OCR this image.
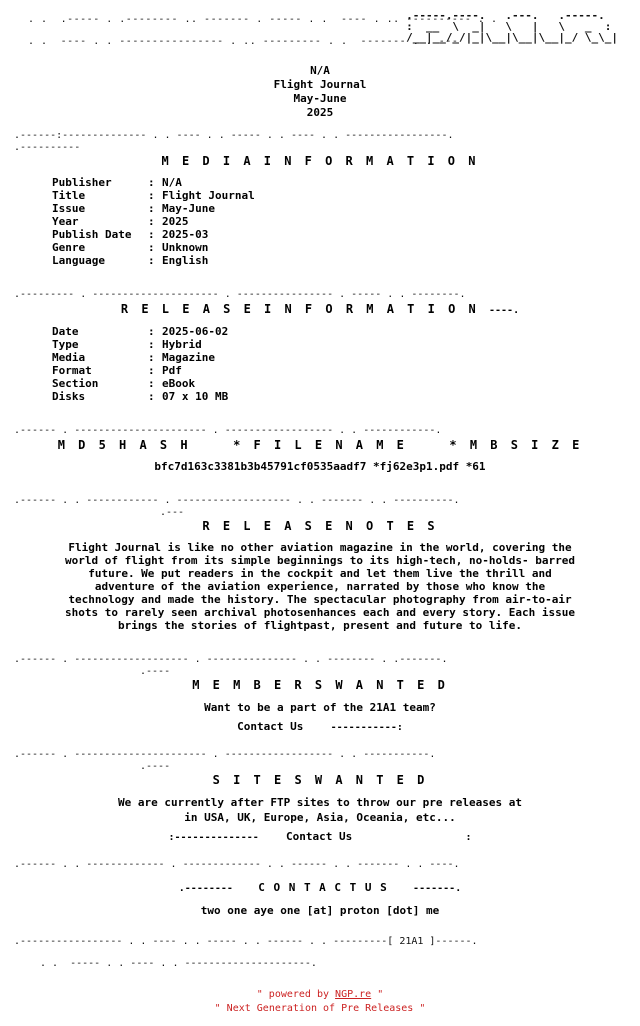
. .  .----- . .-------- .. ------- . ----- . .  ---- . .. ---------- . .
. .  ---- . . ---------------- . .. --------- . .  ------- . . ---
.-----.----.   .---.   .-----.
:  __  \  _|   \   |   \   _  :
/__|__/_/|_|\__|\__|\__|_/ \_\_|
N/A
Flight Journal
May-June
2025
.------:-------------- . . ---- . . ----- . . ---- . . -----------------.
.----------
M E D I A I N F O R M A T I O N
Publisher	: N/A
Title	: Flight Journal
Issue	: May-June
Year	: 2025
Publish Date : 2025-03
Genre	: Unknown
Language	: English
.--------- . --------------------- . ---------------- . ----- . . --------.
R E L E A S E I N F O R M A T I O N ----.
Date	: 2025-06-02
Type	: Hybrid
Media	: Magazine
Format	: Pdf
Section	: eBook
Disks	: 07 x 10 MB
.------ . ---------------------- . ------------------ . . ------------.
M D 5 H A S H	* F I L E N A M E	* M B S I Z E
bfc7d163c3381b3b45791cf0535aadf7 *fj62e3p1.pdf *61
.------ . . ------------ . ------------------- . . ------- . . ----------.
.---
R E L E A S E N O T E S
Flight Journal is like no other aviation magazine in the world, covering the
world of flight from its simple beginnings to its high-tech, no-holds- barred
future. We put readers in the cockpit and let them live the thrill and
adventure of the aviation experience, narrated by those who know the
technology and made the history. The spectacular photography from air-to-air
shots to rarely seen archival photosenhances each and every story. Each issue
brings the stories of flightpast, present and future to life.
.------ . ------------------- . --------------- . . -------- . .-------.
.----
M E M B E R S W A N T E D
Want to be a part of the 21A1 team?
Contact Us	-----------:
.------ . ---------------------- . ------------------ . . -----------.
.----
S I T E S W A N T E D
We are currently after FTP sites to throw our pre releases at
in USA, UK, Europe, Asia, Oceania, etc...
:-------------- Contact Us	:
.------ . . ------------- . ------------- . . ------ . . ------- . . ----.
.-------- C O N T A C T U S	-------.
two one aye one [at] proton [dot] me
.----------------- . . ---- . . ----- . . ------ . . ---------[ 21A1 ]------.
. .  ----- . . ---- . . ---------------------.
" powered by NGP.re "
" Next Generation of Pre Releases "
